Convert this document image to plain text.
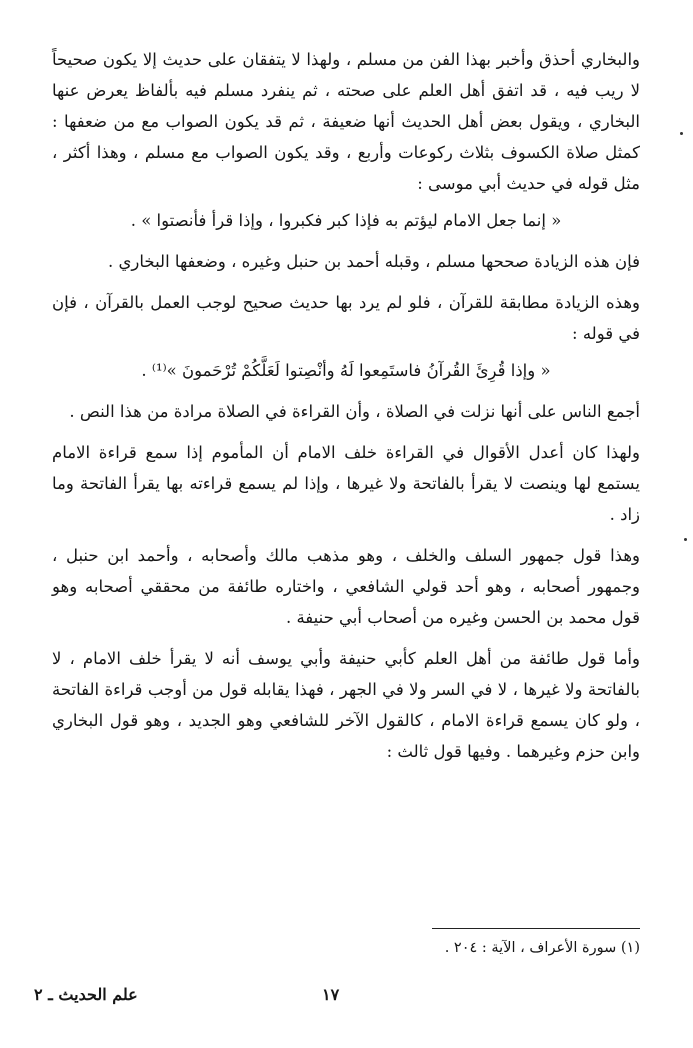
والبخاري أحذق وأخبر بهذا الفن من مسلم ، ولهذا لا يتفقان على حديث إلا يكون صحيحاً لا ريب فيه ، قد اتفق أهل العلم على صحته ، ثم ينفرد مسلم فيه بألفاظ يعرض عنها البخاري ، ويقول بعض أهل الحديث أنها ضعيفة ، ثم قد يكون الصواب مع من ضعفها : كمثل صلاة الكسوف بثلاث ركوعات وأربع ، وقد يكون الصواب مع مسلم ، وهذا أكثر ، مثل قوله في حديث أبي موسى :

« إنما جعل الامام ليؤتم به فإذا كبر فكبروا ، وإذا قرأ فأنصتوا » .

فإن هذه الزيادة صححها مسلم ، وقبله أحمد بن حنبل وغيره ، وضعفها البخاري .

وهذه الزيادة مطابقة للقرآن ، فلو لم يرد بها حديث صحيح لوجب العمل بالقرآن ، فإن في قوله :

« وإذا قُرِئَ القُرآنُ فاستَمِعوا لَهُ وأنْصِتوا لَعَلَّكُمْ تُرْحَمونَ »⁽¹⁾ .

أجمع الناس على أنها نزلت في الصلاة ، وأن القراءة في الصلاة مرادة من هذا النص .

ولهذا كان أعدل الأقوال في القراءة خلف الامام أن المأموم إذا سمع قراءة الامام يستمع لها وينصت لا يقرأ بالفاتحة ولا غيرها ، وإذا لم يسمع قراءته بها يقرأ الفاتحة وما زاد .

وهذا قول جمهور السلف والخلف ، وهو مذهب مالك وأصحابه ، وأحمد ابن حنبل ، وجمهور أصحابه ، وهو أحد قولي الشافعي ، واختاره طائفة من محققي أصحابه وهو قول محمد بن الحسن وغيره من أصحاب أبي حنيفة .

وأما قول طائفة من أهل العلم كأبي حنيفة وأبي يوسف أنه لا يقرأ خلف الامام ، لا بالفاتحة ولا غيرها ، لا في السر ولا في الجهر ، فهذا يقابله قول من أوجب قراءة الفاتحة ، ولو كان يسمع قراءة الامام ، كالقول الآخر للشافعي وهو الجديد ، وهو قول البخاري وابن حزم وغيرهما . وفيها قول ثالث :

(١) سورة الأعراف ، الآية : ٢٠٤ .
١٧
علم الحديث ـ ٢
